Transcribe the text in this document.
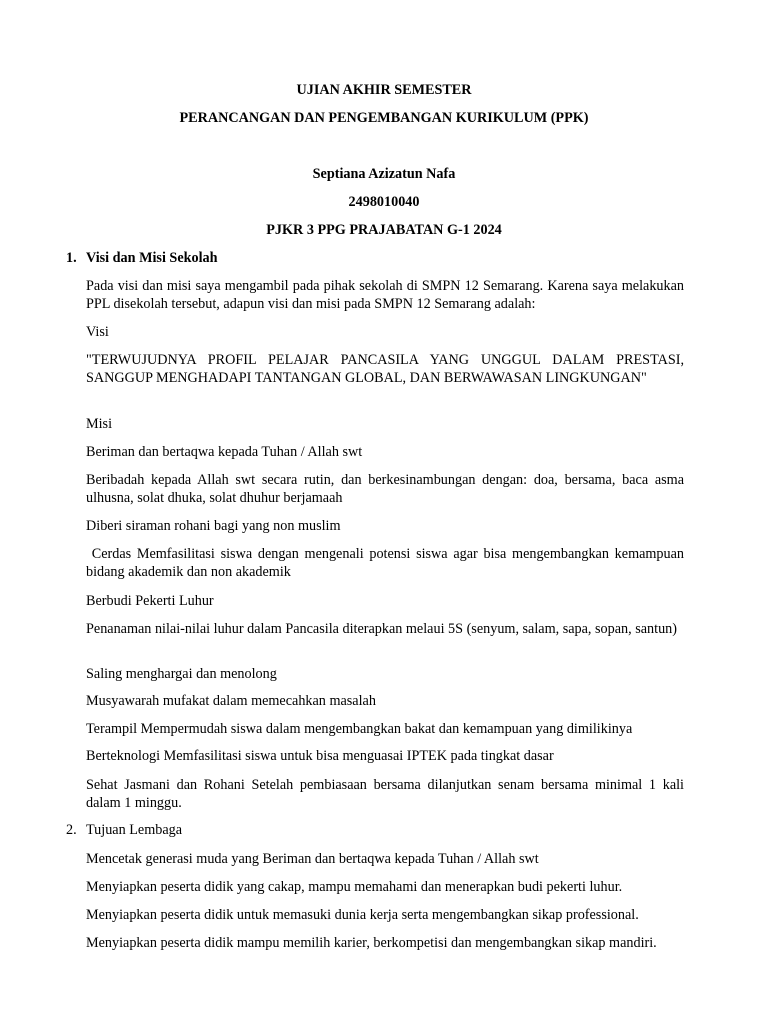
UJIAN AKHIR SEMESTER
PERANCANGAN DAN PENGEMBANGAN KURIKULUM (PPK)
Septiana Azizatun Nafa
2498010040
PJKR 3 PPG PRAJABATAN G-1 2024
1. Visi dan Misi Sekolah
Pada visi dan misi saya mengambil pada pihak sekolah di SMPN 12 Semarang. Karena saya melakukan PPL disekolah tersebut, adapun visi dan misi pada SMPN 12 Semarang adalah:
Visi
"TERWUJUDNYA PROFIL PELAJAR PANCASILA YANG UNGGUL DALAM PRESTASI, SANGGUP MENGHADAPI TANTANGAN GLOBAL, DAN BERWAWASAN LINGKUNGAN"
Misi
Beriman dan bertaqwa kepada Tuhan / Allah swt
Beribadah kepada Allah swt secara rutin, dan berkesinambungan dengan: doa, bersama, baca asma ulhusna, solat dhuka, solat dhuhur berjamaah
Diberi siraman rohani bagi yang non muslim
Cerdas Memfasilitasi siswa dengan mengenali potensi siswa agar bisa mengembangkan kemampuan bidang akademik dan non akademik
Berbudi Pekerti Luhur
Penanaman nilai-nilai luhur dalam Pancasila diterapkan melaui 5S (senyum, salam, sapa, sopan, santun)
Saling menghargai dan menolong
Musyawarah mufakat dalam memecahkan masalah
Terampil Mempermudah siswa dalam mengembangkan bakat dan kemampuan yang dimilikinya
Berteknologi Memfasilitasi siswa untuk bisa menguasai IPTEK pada tingkat dasar
Sehat Jasmani dan Rohani Setelah pembiasaan bersama dilanjutkan senam bersama minimal 1 kali dalam 1 minggu.
2. Tujuan Lembaga
Mencetak generasi muda yang Beriman dan bertaqwa kepada Tuhan / Allah swt
Menyiapkan peserta didik yang cakap, mampu memahami dan menerapkan budi pekerti luhur.
Menyiapkan peserta didik untuk memasuki dunia kerja serta mengembangkan sikap professional.
Menyiapkan peserta didik mampu memilih karier, berkompetisi dan mengembangkan sikap mandiri.
